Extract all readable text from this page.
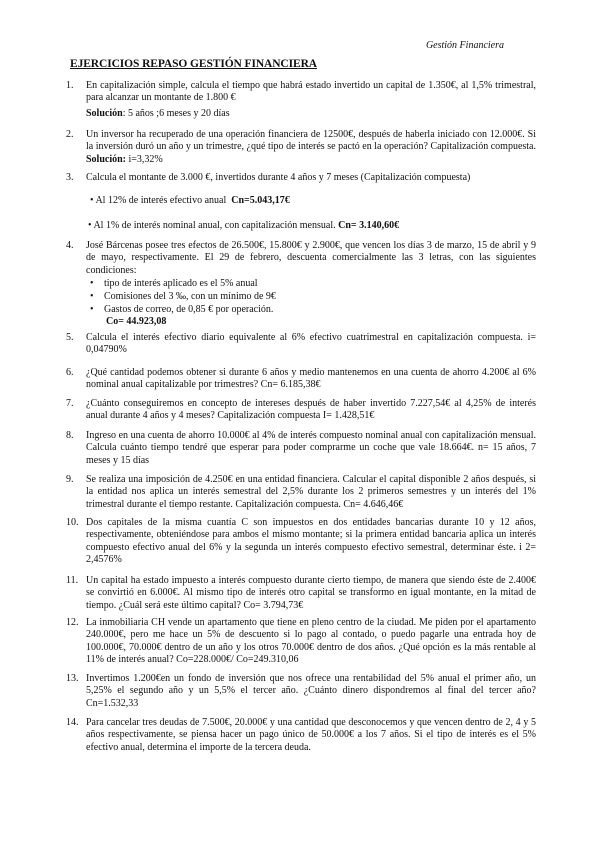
Gestión Financiera
EJERCICIOS REPASO GESTIÓN FINANCIERA
1. En capitalización simple, calcula el tiempo que habrá estado invertido un capital de 1.350€, al 1,5% trimestral, para alcanzar un montante de 1.800 €
Solución: 5 años ;6 meses y 20 días
2. Un inversor ha recuperado de una operación financiera de 12500€, después de haberla iniciado con 12.000€. Si la inversión duró un año y un trimestre, ¿qué tipo de interés se pactó en la operación? Capitalización compuesta. Solución: i=3,32%
3. Calcula el montante de 3.000 €, invertidos durante 4 años y 7 meses (Capitalización compuesta)
• Al 12% de interés efectivo anual Cn=5.043,17€
• Al 1% de interés nominal anual, con capitalización mensual. Cn= 3.140,60€
4. José Bárcenas posee tres efectos de 26.500€, 15.800€ y 2.900€, que vencen los días 3 de marzo, 15 de abril y 9 de mayo, respectivamente. El 29 de febrero, descuenta comercialmente las 3 letras, con las siguientes condiciones:
• tipo de interés aplicado es el 5% anual
• Comisiones del 3 ‰, con un mínimo de 9€
• Gastos de correo, de 0,85 € por operación.
Co= 44.923,08
5. Calcula el interés efectivo diario equivalente al 6% efectivo cuatrimestral en capitalización compuesta. i= 0,04790%
6. ¿Qué cantidad podemos obtener si durante 6 años y medio mantenemos en una cuenta de ahorro 4.200€ al 6% nominal anual capitalizable por trimestres? Cn= 6.185,38€
7. ¿Cuánto conseguiremos en concepto de intereses después de haber invertido 7.227,54€ al 4,25% de interés anual durante 4 años y 4 meses? Capitalización compuesta I= 1.428,51€
8. Ingreso en una cuenta de ahorro 10.000€ al 4% de interés compuesto nominal anual con capitalización mensual. Calcula cuánto tiempo tendré que esperar para poder comprarme un coche que vale 18.664€. n= 15 años, 7 meses y 15 días
9. Se realiza una imposición de 4.250€ en una entidad financiera. Calcular el capital disponible 2 años después, si la entidad nos aplica un interés semestral del 2,5% durante los 2 primeros semestres y un interés del 1% trimestral durante el tiempo restante. Capitalización compuesta. Cn= 4.646,46€
10. Dos capitales de la misma cuantía C son impuestos en dos entidades bancarias durante 10 y 12 años, respectivamente, obteniéndose para ambos el mismo montante; si la primera entidad bancaria aplica un interés compuesto efectivo anual del 6% y la segunda un interés compuesto efectivo semestral, determinar éste. i 2= 2,4576%
11. Un capital ha estado impuesto a interés compuesto durante cierto tiempo, de manera que siendo éste de 2.400€ se convirtió en 6.000€. Al mismo tipo de interés otro capital se transformo en igual montante, en la mitad de tiempo. ¿Cuál será este último capital? Co= 3.794,73€
12. La inmobiliaria CH vende un apartamento que tiene en pleno centro de la ciudad. Me piden por el apartamento 240.000€, pero me hace un 5% de descuento si lo pago al contado, o puedo pagarle una entrada hoy de 100.000€, 70.000€ dentro de un año y los otros 70.000€ dentro de dos años. ¿Qué opción es la más rentable al 11% de interés anual? Co=228.000€/ Co=249.310,06
13. Invertimos 1.200€en un fondo de inversión que nos ofrece una rentabilidad del 5% anual el primer año, un 5,25% el segundo año y un 5,5% el tercer año. ¿Cuánto dinero dispondremos al final del tercer año? Cn=1.532,33
14. Para cancelar tres deudas de 7.500€, 20.000€ y una cantidad que desconocemos y que vencen dentro de 2, 4 y 5 años respectivamente, se piensa hacer un pago único de 50.000€ a los 7 años. Si el tipo de interés es el 5% efectivo anual, determina el importe de la tercera deuda.
